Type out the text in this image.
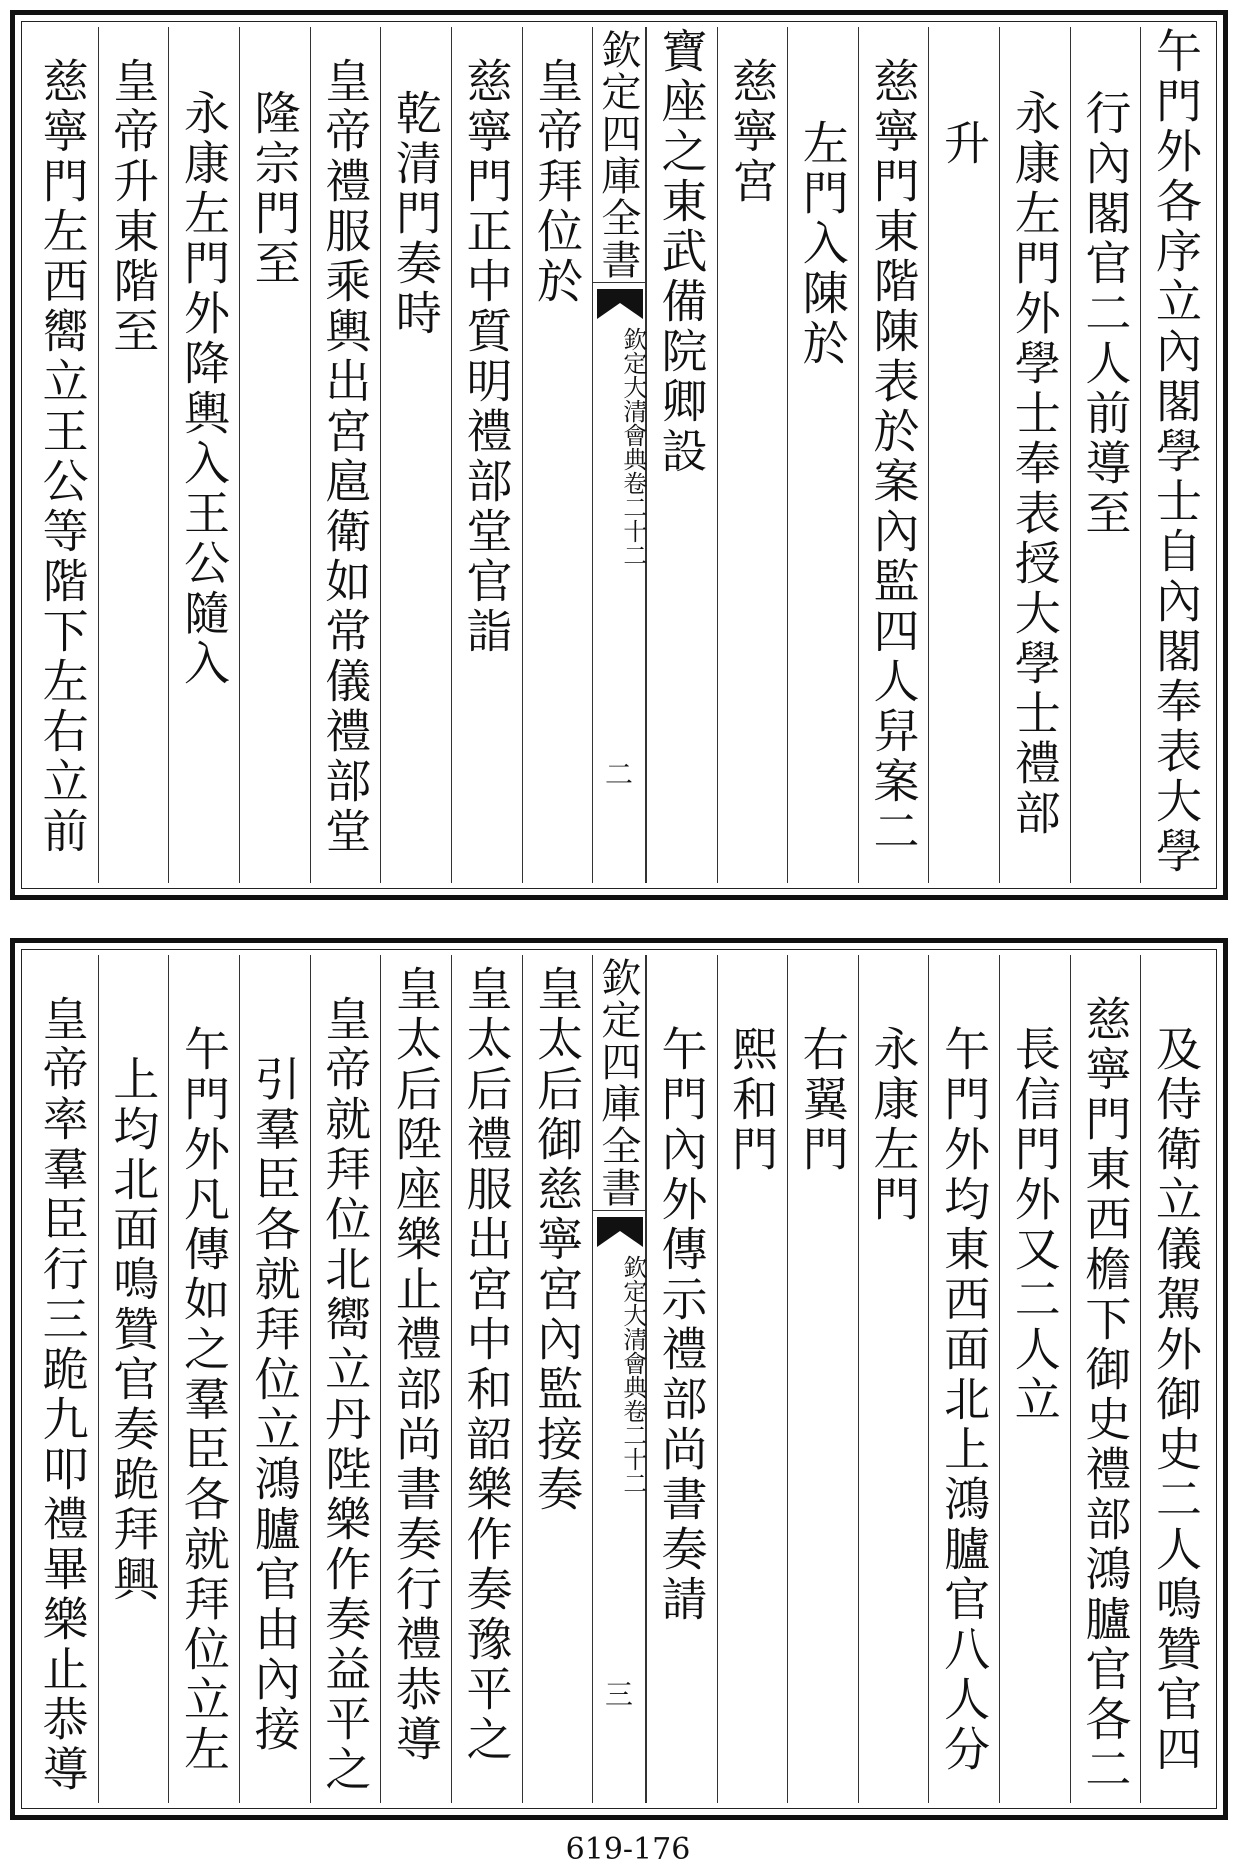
午門外各序立內閣學士自內閣奉表大學
行內閣官二人前導至
永康左門外學士奉表授大學士禮部
升
慈寧門東階陳表於案內監四人舁案二
左門入陳於
慈寧宮
寶座之東武備院卿設
欽定四庫全書
欽定大清會典
卷二十二
二
皇帝拜位於
慈寧門正中質明禮部堂官詣
乾清門奏時
皇帝禮服乘輿出宮扈衛如常儀禮部堂
隆宗門至
永康左門外降輿入王公隨入
皇帝升東階至
慈寧門左西嚮立王公等階下左右立前
及侍衛立儀駕外御史二人鳴贊官四
慈寧門東西檐下御史禮部鴻臚官各二
長信門外又二人立
午門外均東西面北上鴻臚官八人分
永康左門
右翼門
熙和門
午門內外傳示禮部尚書奏請
欽定四庫全書
欽定大清會典
卷二十二
三
皇太后御慈寧宮內監接奏
皇太后禮服出宮中和韶樂作奏豫平之
皇太后陞座樂止禮部尚書奏行禮恭導
皇帝就拜位北嚮立丹陛樂作奏益平之
引羣臣各就拜位立鴻臚官由內接
午門外凡傳如之羣臣各就拜位立左
上均北面鳴贊官奏跪拜興
皇帝率羣臣行三跪九叩禮畢樂止恭導
619-176
